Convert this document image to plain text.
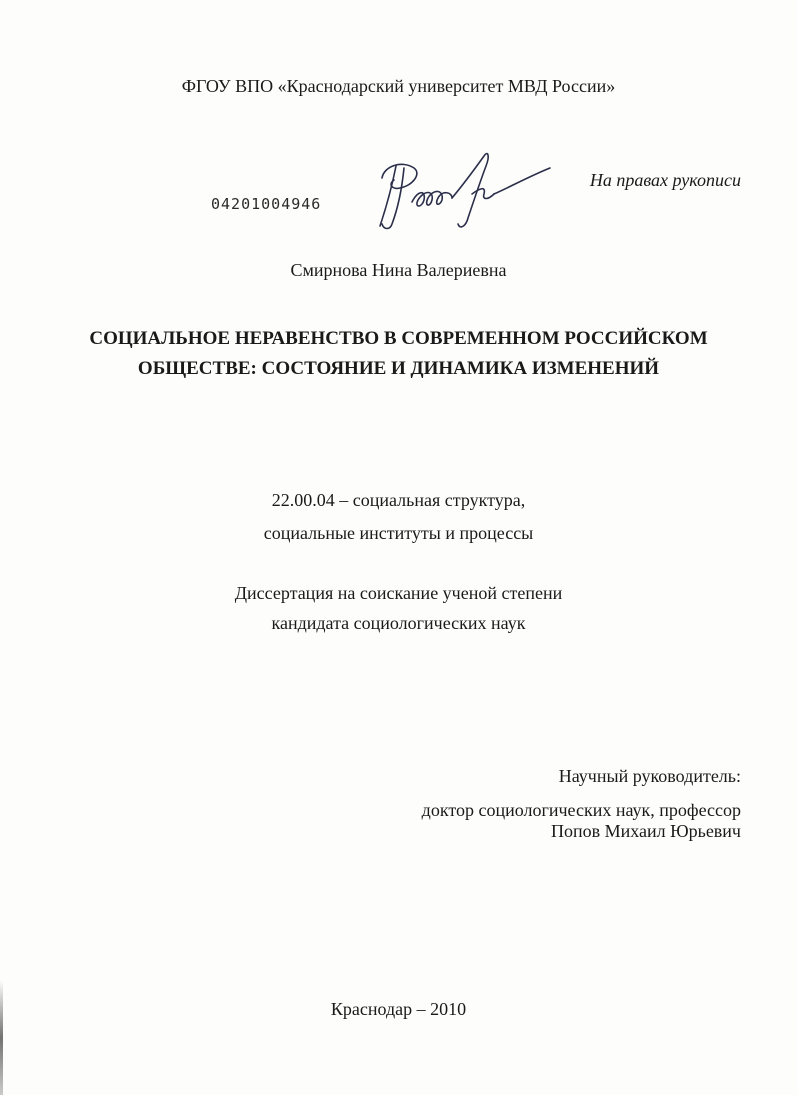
ФГОУ ВПО «Краснодарский университет МВД России»
04201004946
На правах рукописи
Смирнова Нина Валериевна
СОЦИАЛЬНОЕ НЕРАВЕНСТВО В СОВРЕМЕННОМ РОССИЙСКОМ
ОБЩЕСТВЕ: СОСТОЯНИЕ И ДИНАМИКА ИЗМЕНЕНИЙ
22.00.04 – социальная структура,
социальные институты и процессы
Диссертация на соискание ученой степени
кандидата социологических наук
Научный руководитель:
доктор социологических наук, профессор
Попов Михаил Юрьевич
Краснодар – 2010
